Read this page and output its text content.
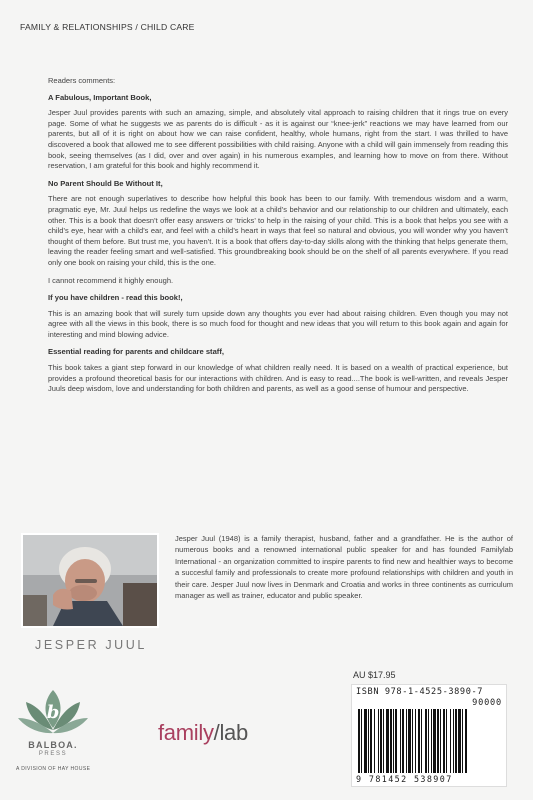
FAMILY & RELATIONSHIPS / CHILD CARE
Readers comments:
A Fabulous, Important Book,

Jesper Juul provides parents with such an amazing, simple, and absolutely vital approach to raising children that it rings true on every page. Some of what he suggests we as parents do is difficult - as it is against our “knee-jerk” reactions we may have learned from our parents, but all of it is right on about how we can raise confident, healthy, whole humans, right from the start. I was thrilled to have discovered a book that allowed me to see different possibilities with child raising. Anyone with a child will gain immensely from reading this book, seeing themselves (as I did, over and over again) in his numerous examples, and learning how to move on from there. Without reservation, I am grateful for this book and highly recommend it.

No Parent Should Be Without It,

There are not enough superlatives to describe how helpful this book has been to our family. With tremendous wisdom and a warm, pragmatic eye, Mr. Juul helps us redefine the ways we look at a child’s behavior and our relationship to our children and ultimately, each other. This is a book that doesn’t offer easy answers or ‘tricks’ to help in the raising of your child. This is a book that helps you see with a child’s eye, hear with a child’s ear, and feel with a child’s heart in ways that feel so natural and obvious, you will wonder why you haven’t thought of them before. But trust me, you haven’t. It is a book that offers day-to-day skills along with the thinking that helps generate them, leaving the reader feeling smart and well-satisfied. This groundbreaking book should be on the shelf of all parents everywhere. If you read only one book on raising your child, this is the one.

I cannot recommend it highly enough.

If you have children - read this book!,

This is an amazing book that will surely turn upside down any thoughts you ever had about raising children. Even though you may not agree with all the views in this book, there is so much food for thought and new ideas that you will return to this book again and again for interesting and mind blowing advice.

Essential reading for parents and childcare staff,

This book takes a giant step forward in our knowledge of what children really need. It is based on a wealth of practical experience, but provides a profound theoretical basis for our interactions with children. And is easy to read....The book is well-written, and reveals Jesper Juuls deep wisdom, love and understanding for both children and parents, as well as a good sense of humour and perspective.

JESPER JUUL
Jesper Juul (1948) is a family therapist, husband, father and a grandfather. He is the author of numerous books and a renowned international public speaker for and has founded Familylab International - an organization committed to inspire parents to find new and healthier ways to become a succesful family and professionals to create more profound relationships with children and youth in their care. Jesper Juul now lives in Denmark and Croatia and works in three continents as curriculum manager as well as trainer, educator and public speaker.
AU $17.95
ISBN 978-1-4525-3890-7
90000
9 781452 538907
b
BALBOA.
PRESS
A DIVISION OF HAY HOUSE
family/lab
